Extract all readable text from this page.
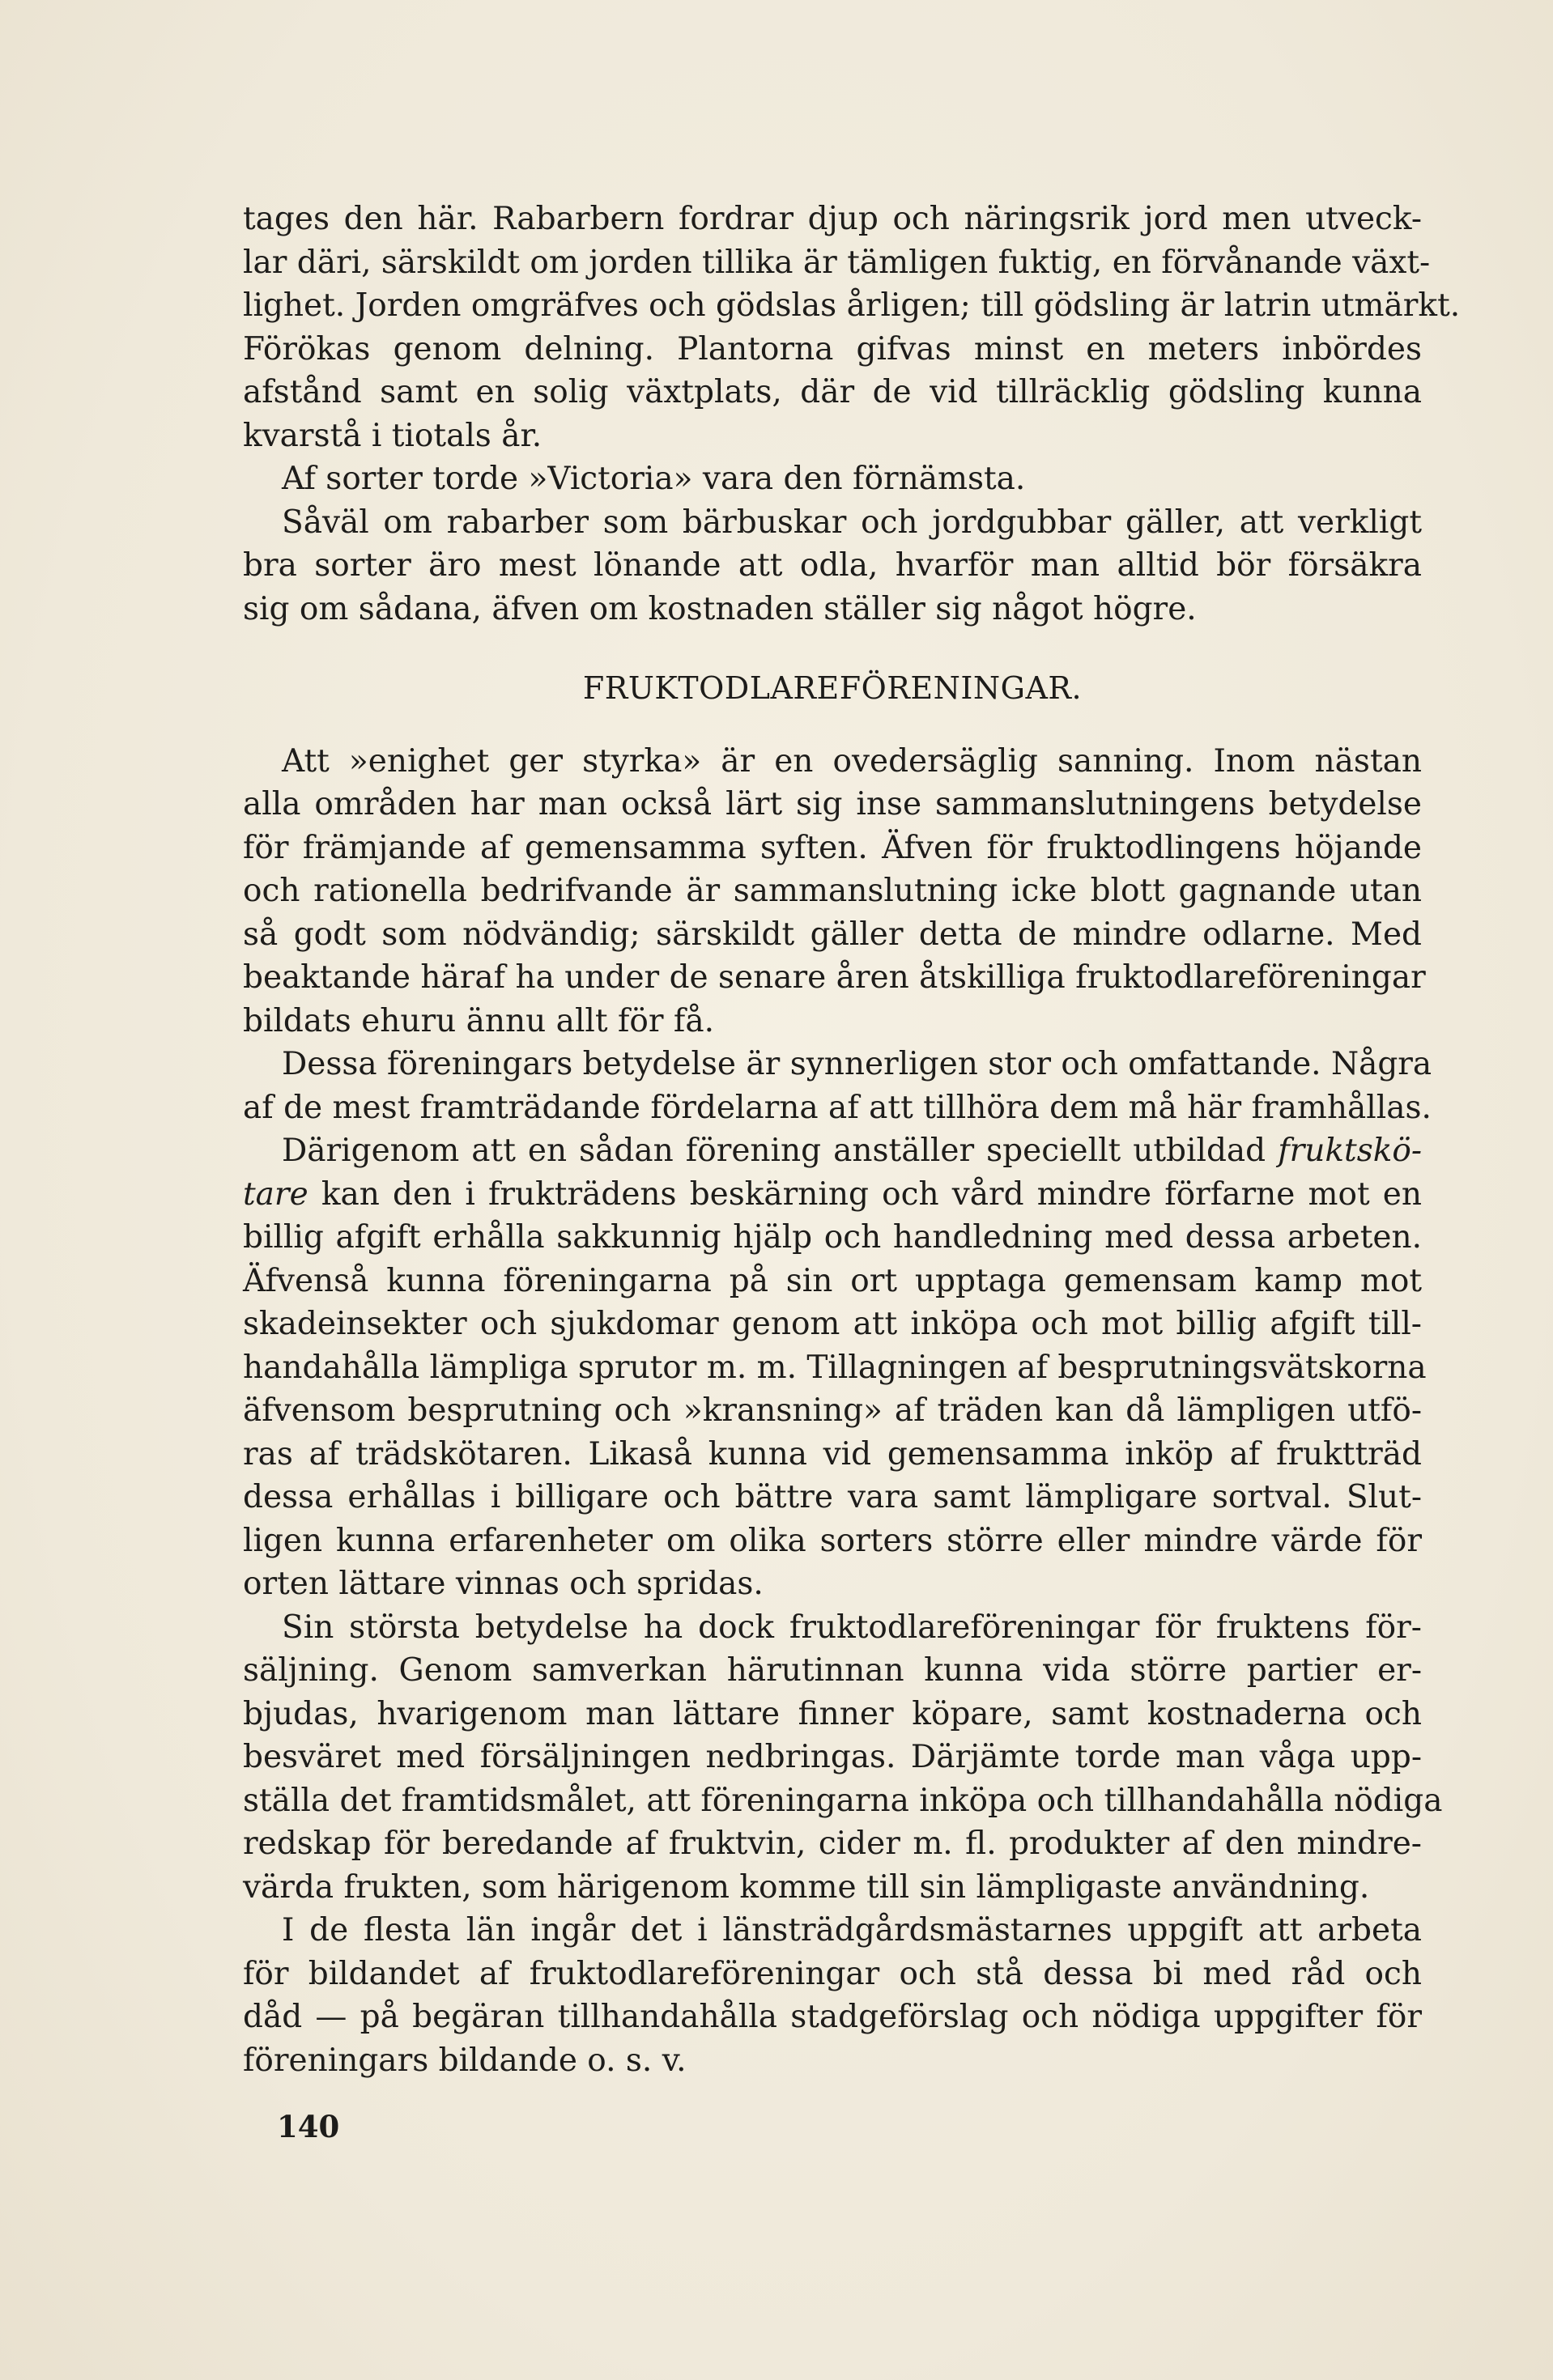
tages den här. Rabarbern fordrar djup och näringsrik jord men utveck-
lar däri, särskildt om jorden tillika är tämligen fuktig, en förvånande växt-
lighet. Jorden omgräfves och gödslas årligen; till gödsling är latrin utmärkt.
Förökas genom delning. Plantorna gifvas minst en meters inbördes
afstånd samt en solig växtplats, där de vid tillräcklig gödsling kunna
kvarstå i tiotals år.
Af sorter torde »Victoria» vara den förnämsta.
Såväl om rabarber som bärbuskar och jordgubbar gäller, att verkligt
bra sorter äro mest lönande att odla, hvarför man alltid bör försäkra
sig om sådana, äfven om kostnaden ställer sig något högre.
FRUKTODLAREFÖRENINGAR.
Att »enighet ger styrka» är en ovedersäglig sanning. Inom nästan
alla områden har man också lärt sig inse sammanslutningens betydelse
för främjande af gemensamma syften. Äfven för fruktodlingens höjande
och rationella bedrifvande är sammanslutning icke blott gagnande utan
så godt som nödvändig; särskildt gäller detta de mindre odlarne. Med
beaktande häraf ha under de senare åren åtskilliga fruktodlareföreningar
bildats ehuru ännu allt för få.
Dessa föreningars betydelse är synnerligen stor och omfattande. Några
af de mest framträdande fördelarna af att tillhöra dem må här framhållas.
Därigenom att en sådan förening anställer speciellt utbildad fruktskö-
tare kan den i frukträdens beskärning och vård mindre förfarne mot en
billig afgift erhålla sakkunnig hjälp och handledning med dessa arbeten.
Äfvenså kunna föreningarna på sin ort upptaga gemensam kamp mot
skadeinsekter och sjukdomar genom att inköpa och mot billig afgift till-
handahålla lämpliga sprutor m. m. Tillagningen af besprutningsvätskorna
äfvensom besprutning och »kransning» af träden kan då lämpligen utfö-
ras af trädskötaren. Likaså kunna vid gemensamma inköp af fruktträd
dessa erhållas i billigare och bättre vara samt lämpligare sortval. Slut-
ligen kunna erfarenheter om olika sorters större eller mindre värde för
orten lättare vinnas och spridas.
Sin största betydelse ha dock fruktodlareföreningar för fruktens för-
säljning. Genom samverkan härutinnan kunna vida större partier er-
bjudas, hvarigenom man lättare finner köpare, samt kostnaderna och
besväret med försäljningen nedbringas. Därjämte torde man våga upp-
ställa det framtidsmålet, att föreningarna inköpa och tillhandahålla nödiga
redskap för beredande af fruktvin, cider m. fl. produkter af den mindre-
värda frukten, som härigenom komme till sin lämpligaste användning.
I de flesta län ingår det i länsträdgårdsmästarnes uppgift att arbeta
för bildandet af fruktodlareföreningar och stå dessa bi med råd och
dåd — på begäran tillhandahålla stadgeförslag och nödiga uppgifter för
föreningars bildande o. s. v.
140
